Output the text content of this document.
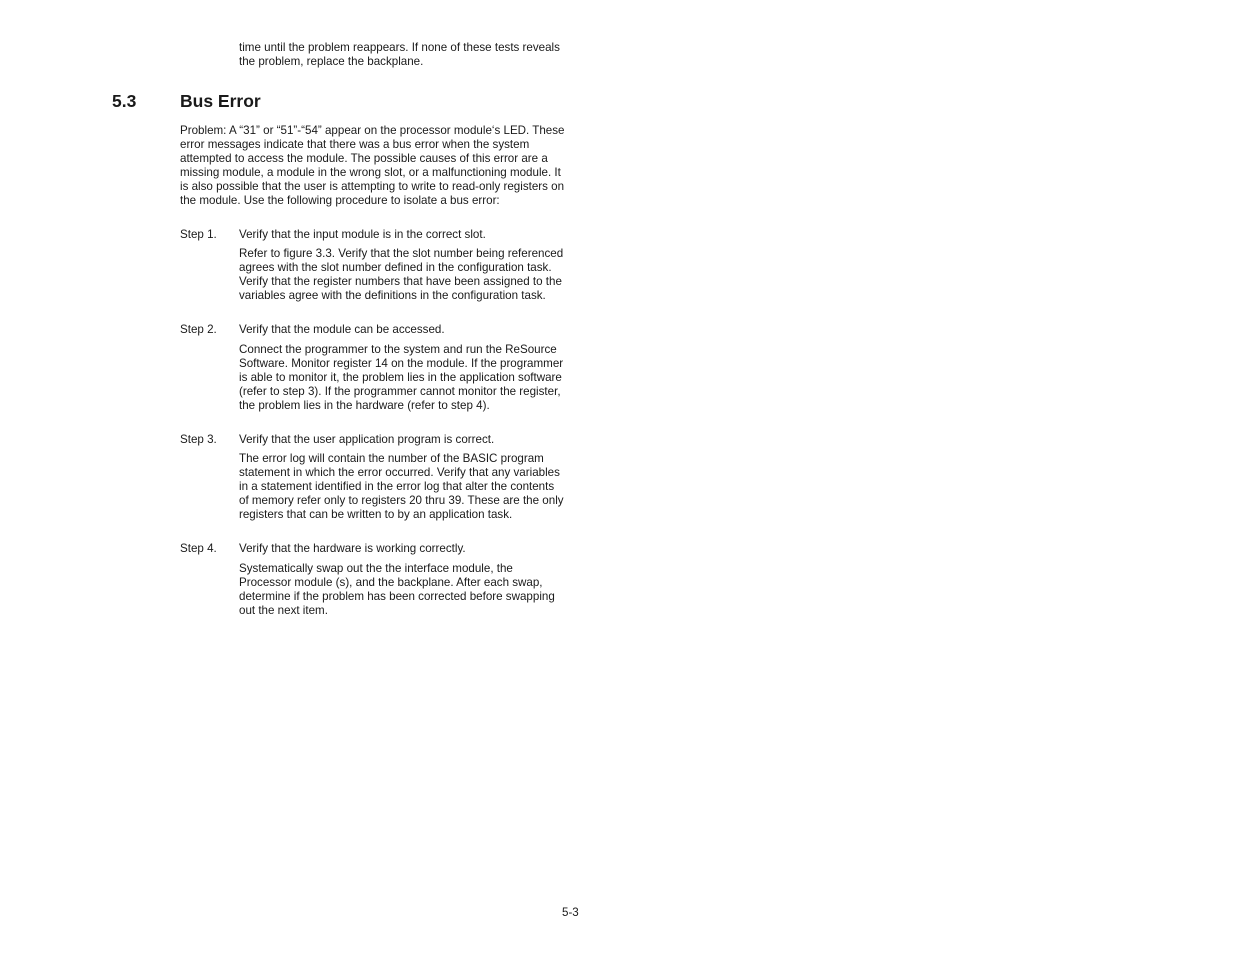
time until the problem reappears. If none of these tests reveals the problem, replace the backplane.
5.3 Bus Error
Problem: A “31” or “51”-“54” appear on the processor module‘s LED. These error messages indicate that there was a bus error when the system attempted to access the module. The possible causes of this error are a missing module, a module in the wrong slot, or a malfunctioning module. It is also possible that the user is attempting to write to read-only registers on the module. Use the following procedure to isolate a bus error:
Step 1. Verify that the input module is in the correct slot.
Refer to figure 3.3. Verify that the slot number being referenced agrees with the slot number defined in the configuration task. Verify that the register numbers that have been assigned to the variables agree with the definitions in the configuration task.
Step 2. Verify that the module can be accessed.
Connect the programmer to the system and run the ReSource Software. Monitor register 14 on the module. If the programmer is able to monitor it, the problem lies in the application software (refer to step 3). If the programmer cannot monitor the register, the problem lies in the hardware (refer to step 4).
Step 3. Verify that the user application program is correct.
The error log will contain the number of the BASIC program statement in which the error occurred. Verify that any variables in a statement identified in the error log that alter the contents of memory refer only to registers 20 thru 39. These are the only registers that can be written to by an application task.
Step 4. Verify that the hardware is working correctly.
Systematically swap out the the interface module, the Processor module (s), and the backplane. After each swap, determine if the problem has been corrected before swapping out the next item.
5-3
